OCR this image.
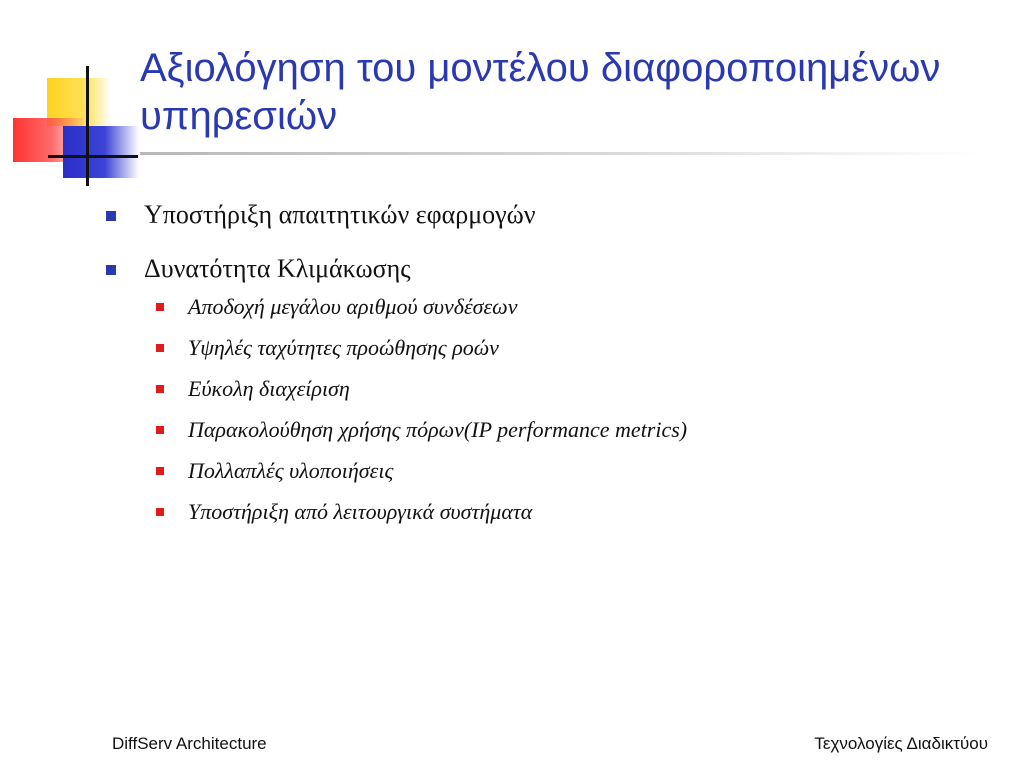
Αξιολόγηση του μοντέλου διαφοροποιημένων υπηρεσιών
Υποστήριξη απαιτητικών εφαρμογών
Δυνατότητα Κλιμάκωσης
Αποδοχή μεγάλου αριθμού συνδέσεων
Υψηλές ταχύτητες προώθησης ροών
Εύκολη διαχείριση
Παρακολούθηση χρήσης πόρων(IP performance metrics)
Πολλαπλές υλοποιήσεις
Υποστήριξη από λειτουργικά συστήματα
DiffServ Architecture	Τεχνολογίες Διαδικτύου
